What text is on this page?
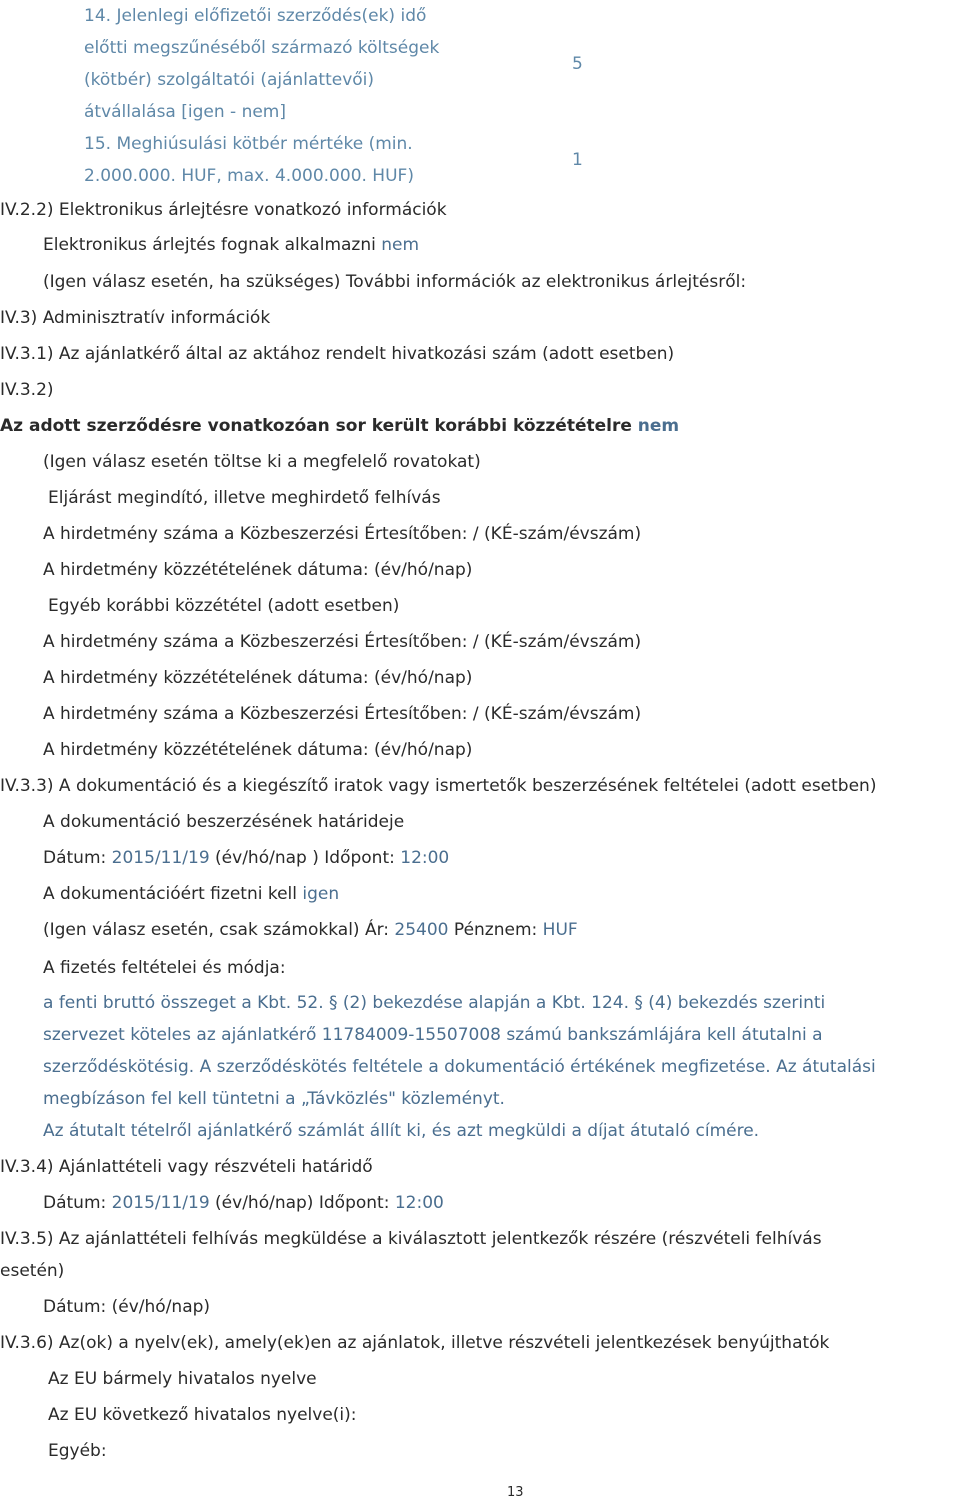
14. Jelenlegi előfizetői szerződés(ek) idő
előtti megszűnéséből származó költségek
(kötbér) szolgáltatói (ajánlattevői)
átvállalása [igen - nem]
5
15. Meghiúsulási kötbér mértéke (min.
2.000.000. HUF, max. 4.000.000. HUF)
1
IV.2.2) Elektronikus árlejtésre vonatkozó információk
Elektronikus árlejtés fognak alkalmazni nem
(Igen válasz esetén, ha szükséges) További információk az elektronikus árlejtésről:
IV.3) Adminisztratív információk
IV.3.1) Az ajánlatkérő által az aktához rendelt hivatkozási szám (adott esetben)
IV.3.2)
Az adott szerződésre vonatkozóan sor került korábbi közzétételre nem
(Igen válasz esetén töltse ki a megfelelő rovatokat)
Eljárást megindító, illetve meghirdető felhívás
A hirdetmény száma a Közbeszerzési Értesítőben: / (KÉ-szám/évszám)
A hirdetmény közzétételének dátuma: (év/hó/nap)
Egyéb korábbi közzététel (adott esetben)
A hirdetmény száma a Közbeszerzési Értesítőben: / (KÉ-szám/évszám)
A hirdetmény közzétételének dátuma: (év/hó/nap)
A hirdetmény száma a Közbeszerzési Értesítőben: / (KÉ-szám/évszám)
A hirdetmény közzétételének dátuma: (év/hó/nap)
IV.3.3) A dokumentáció és a kiegészítő iratok vagy ismertetők beszerzésének feltételei (adott esetben)
A dokumentáció beszerzésének határideje
Dátum: 2015/11/19 (év/hó/nap ) Időpont: 12:00
A dokumentációért fizetni kell igen
(Igen válasz esetén, csak számokkal) Ár: 25400 Pénznem: HUF
A fizetés feltételei és módja:
a fenti bruttó összeget a Kbt. 52. § (2) bekezdése alapján a Kbt. 124. § (4) bekezdés szerinti
szervezet köteles az ajánlatkérő 11784009-15507008 számú bankszámlájára kell átutalni a
szerződéskötésig. A szerződéskötés feltétele a dokumentáció értékének megfizetése. Az átutalási
megbízáson fel kell tüntetni a „Távközlés" közleményt.
Az átutalt tételről ajánlatkérő számlát állít ki, és azt megküldi a díjat átutaló címére.
IV.3.4) Ajánlattételi vagy részvételi határidő
Dátum: 2015/11/19 (év/hó/nap) Időpont: 12:00
IV.3.5) Az ajánlattételi felhívás megküldése a kiválasztott jelentkezők részére (részvételi felhívás
esetén)
Dátum: (év/hó/nap)
IV.3.6) Az(ok) a nyelv(ek), amely(ek)en az ajánlatok, illetve részvételi jelentkezések benyújthatók
Az EU bármely hivatalos nyelve
Az EU következő hivatalos nyelve(i):
Egyéb:
13
